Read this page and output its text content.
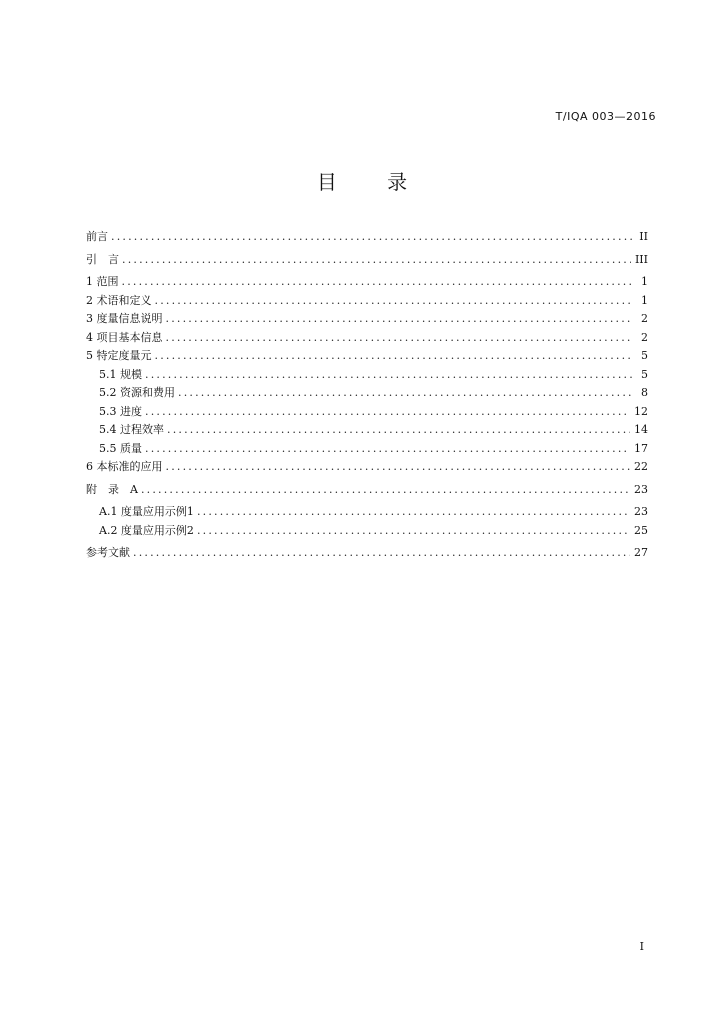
T/IQA 003—2016
目 录
前言 .....	II
引　言 .....	III
1 范围 .....	1
2 术语和定义 .....	1
3 度量信息说明 .....	2
4 项目基本信息 .....	2
5 特定度量元 .....	5
5.1 规模 .....	5
5.2 资源和费用 .....	8
5.3 进度 .....	12
5.4 过程效率 .....	14
5.5 质量 .....	17
6 本标准的应用 .....	22
附　录　A .....	23
A.1 度量应用示例1 .....	23
A.2 度量应用示例2 .....	25
参考文献 .....	27
I
